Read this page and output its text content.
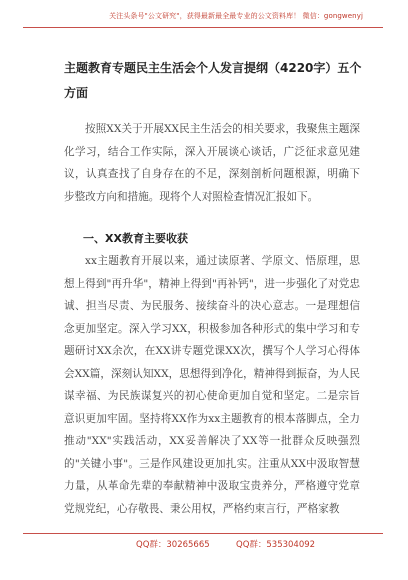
关注头条号"公文研究"，获得最新最全最专业的公文资料库！ 微信：gongwenyj
主题教育专题民主生活会个人发言提纲（4220字）五个方面

按照XX关于开展XX民主生活会的相关要求，我聚焦主题深化学习，结合工作实际，深入开展谈心谈话，广泛征求意见建议，认真查找了自身存在的不足，深刻剖析问题根源，明确下步整改方向和措施。现将个人对照检查情况汇报如下。

一、XX教育主要收获

xx主题教育开展以来，通过读原著、学原文、悟原理，思想上得到"再升华"，精神上得到"再补钙"，进一步强化了对党忠诚、担当尽责、为民服务、接续奋斗的决心意志。一是理想信念更加坚定。深入学习XX，积极参加各种形式的集中学习和专题研讨XX余次，在XX讲专题党课XX次，撰写个人学习心得体会XX篇，深刻认知XX，思想得到净化，精神得到振奋，为人民谋幸福、为民族谋复兴的初心使命更加自觉和坚定。二是宗旨意识更加牢固。坚持将XX作为xx主题教育的根本落脚点，全力推动"XX"实践活动，XX妥善解决了XX等一批群众反映强烈的"关键小事"。三是作风建设更加扎实。注重从XX中汲取智慧力量，从革命先辈的奉献精神中汲取宝贵养分，严格遵守党章党规党纪，心存敬畏、秉公用权，严格约束言行，严格家教

QQ群：30265665	QQ群：535304092
